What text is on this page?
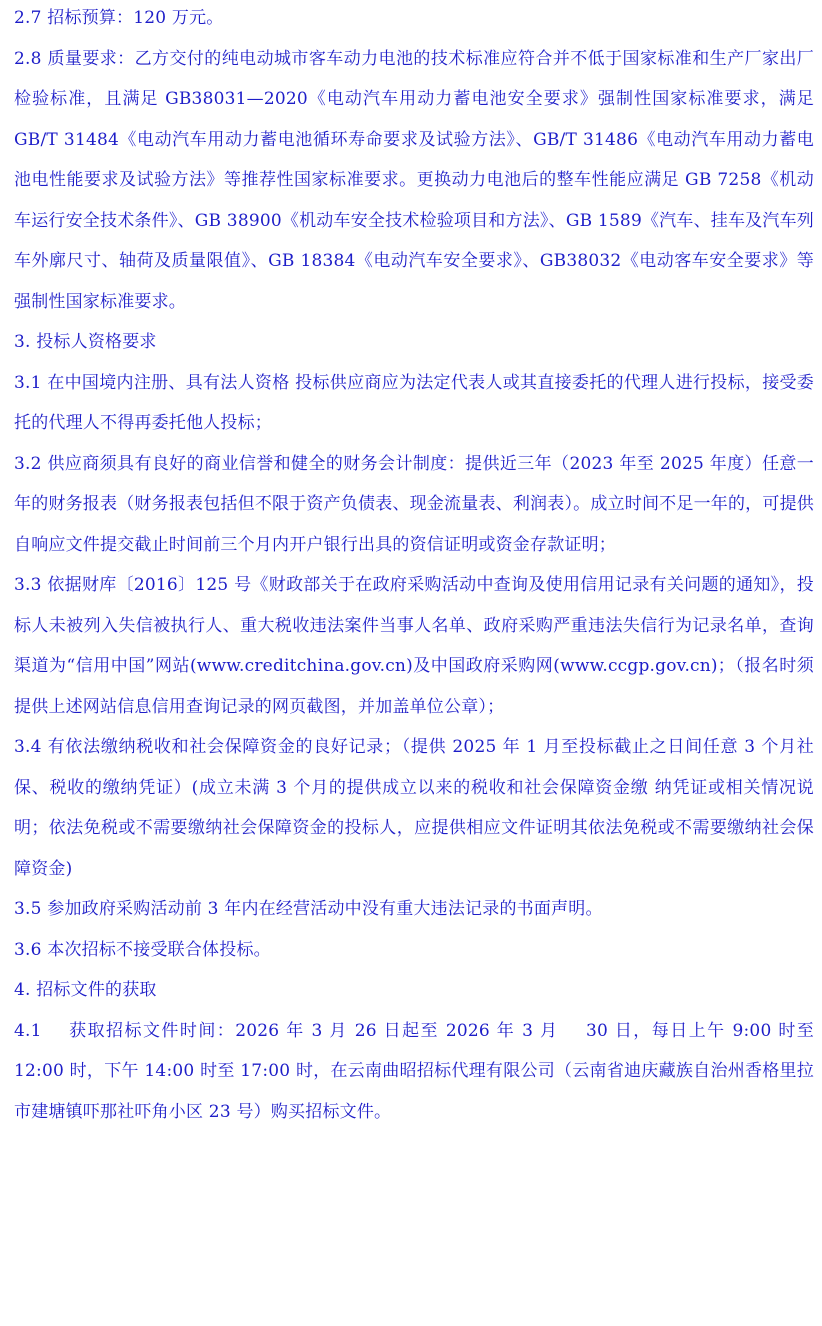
2.7 招标预算：120 万元。

2.8 质量要求：乙方交付的纯电动城市客车动力电池的技术标准应符合并不低于国家标准和生产厂家出厂检验标准，且满足 GB38031—2020《电动汽车用动力蓄电池安全要求》强制性国家标准要求，满足 GB/T 31484《电动汽车用动力蓄电池循环寿命要求及试验方法》、GB/T 31486《电动汽车用动力蓄电池电性能要求及试验方法》等推荐性国家标准要求。更换动力电池后的整车性能应满足 GB 7258《机动车运行安全技术条件》、GB 38900《机动车安全技术检验项目和方法》、GB 1589《汽车、挂车及汽车列车外廓尺寸、轴荷及质量限值》、GB 18384《电动汽车安全要求》、GB38032《电动客车安全要求》等强制性国家标准要求。

3. 投标人资格要求

3.1 在中国境内注册、具有法人资格 投标供应商应为法定代表人或其直接委托的代理人进行投标，接受委托的代理人不得再委托他人投标；

3.2 供应商须具有良好的商业信誉和健全的财务会计制度：提供近三年（2023 年至 2025 年度）任意一年的财务报表（财务报表包括但不限于资产负债表、现金流量表、利润表）。成立时间不足一年的，可提供自响应文件提交截止时间前三个月内开户银行出具的资信证明或资金存款证明；

3.3 依据财库〔2016〕125 号《财政部关于在政府采购活动中查询及使用信用记录有关问题的通知》，投标人未被列入失信被执行人、重大税收违法案件当事人名单、政府采购严重违法失信行为记录名单，查询渠道为“信用中国”网站(www.creditchina.gov.cn)及中国政府采购网(www.ccgp.gov.cn)；（报名时须提供上述网站信息信用查询记录的网页截图，并加盖单位公章）；

3.4 有依法缴纳税收和社会保障资金的良好记录；（提供 2025 年 1 月至投标截止之日间任意 3 个月社保、税收的缴纳凭证）(成立未满 3 个月的提供成立以来的税收和社会保障资金缴 纳凭证或相关情况说明；依法免税或不需要缴纳社会保障资金的投标人，应提供相应文件证明其依法免税或不需要缴纳社会保障资金)

3.5 参加政府采购活动前 3 年内在经营活动中没有重大违法记录的书面声明。

3.6 本次招标不接受联合体投标。

4. 招标文件的获取

4.1    获取招标文件时间：2026 年 3 月 26 日起至 2026 年 3 月    30 日，每日上午 9:00 时至 12:00 时，下午 14:00 时至 17:00 时，在云南曲昭招标代理有限公司（云南省迪庆藏族自治州香格里拉市建塘镇吓那社吓角小区 23 号）购买招标文件。
